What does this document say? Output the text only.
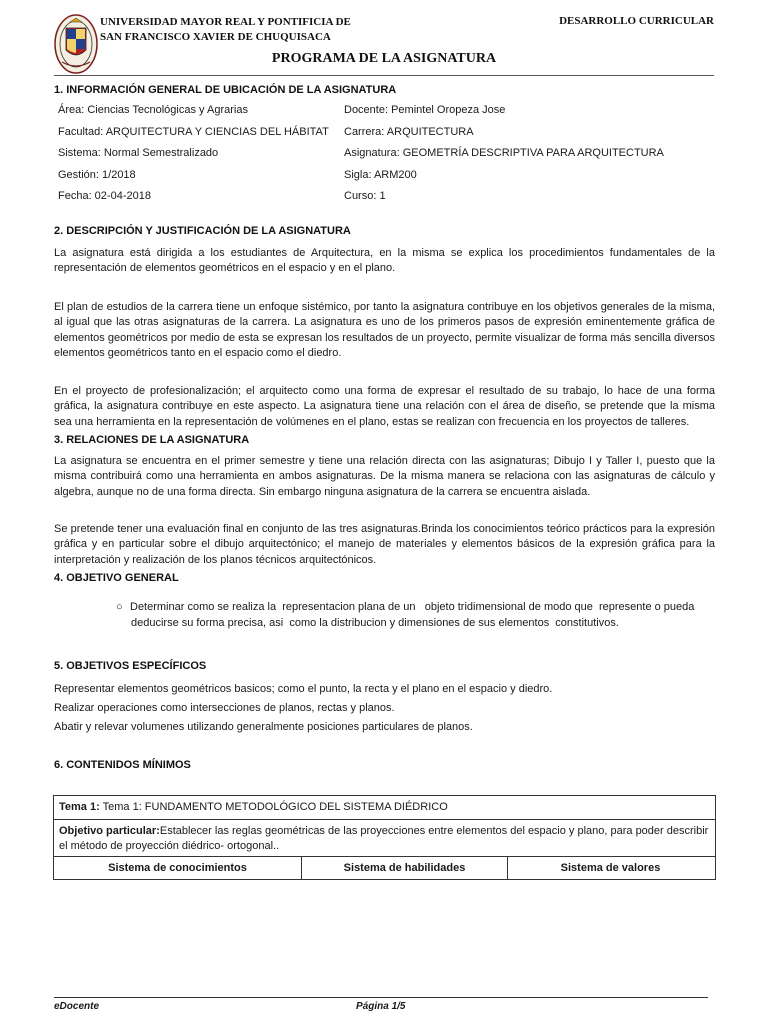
UNIVERSIDAD MAYOR REAL Y PONTIFICIA DE
SAN FRANCISCO XAVIER DE CHUQUISACA
DESARROLLO CURRICULAR
PROGRAMA DE LA ASIGNATURA
1. INFORMACIÓN GENERAL DE UBICACIÓN DE LA ASIGNATURA
Área: Ciencias Tecnológicas y Agrarias	Docente: Pemintel Oropeza Jose
Facultad: ARQUITECTURA Y CIENCIAS DEL HÁBITAT Carrera: ARQUITECTURA
Sistema: Normal Semestralizado	Asignatura: GEOMETRÍA DESCRIPTIVA PARA ARQUITECTURA
Gestión: 1/2018	Sigla: ARM200
Fecha: 02-04-2018	Curso: 1
2. DESCRIPCIÓN Y JUSTIFICACIÓN DE LA ASIGNATURA
La asignatura está dirigida a los estudiantes de Arquitectura, en la misma se explica los procedimientos fundamentales de la representación de elementos geométricos en el espacio y en el plano.
El plan de estudios de la carrera tiene un enfoque sistémico, por tanto la asignatura contribuye en los objetivos generales de la misma, al igual que las otras asignaturas de la carrera. La asignatura es uno de los primeros pasos de expresión eminentemente gráfica de elementos geométricos por medio de esta se expresan los resultados de un proyecto, permite visualizar de forma más sencilla diversos elementos geométricos tanto en el espacio como el diedro.
En el proyecto de profesionalización; el arquitecto como una forma de expresar el resultado de su trabajo, lo hace de una forma gráfica, la asignatura contribuye en este aspecto. La asignatura tiene una relación con el área de diseño, se pretende que la misma sea una herramienta en la representación de volúmenes en el plano, estas se realizan con frecuencia en los proyectos de talleres.
3. RELACIONES DE LA ASIGNATURA
La asignatura se encuentra en el primer semestre y tiene una relación directa con las asignaturas; Dibujo I y Taller I, puesto que la misma contribuirá como una herramienta en ambos asignaturas. De la misma manera se relaciona con las asignaturas de cálculo y algebra, aunque no de una forma directa. Sin embargo ninguna asignatura de la carrera se encuentra aislada.
Se pretende tener una evaluación final en conjunto de las tres asignaturas.Brinda los conocimientos teórico prácticos para la expresión gráfica y en particular sobre el dibujo arquitectónico; el manejo de materiales y elementos básicos de la expresión gráfica para la interpretación y realización de los planos técnicos arquitectónicos.
4. OBJETIVO GENERAL
○ Determinar como se realiza la  representacion plana de un   objeto tridimensional de modo que  represente o pueda
deducirse su forma precisa, asi  como la distribucion y dimensiones de sus elementos  constitutivos.
5. OBJETIVOS ESPECÍFICOS
Representar elementos geométricos basicos; como el punto, la recta y el plano en el espacio y diedro.
Realizar operaciones como intersecciones de planos, rectas y planos.
Abatir y relevar volumenes utilizando generalmente posiciones particulares de planos.
6. CONTENIDOS MÍNIMOS
Tema 1: Tema 1: FUNDAMENTO METODOLÓGICO DEL SISTEMA DIÉDRICO
Objetivo particular:Establecer las reglas geométricas de las proyecciones entre elementos del espacio y plano, para poder describir el método de proyección diédrico- ortogonal..
Sistema de conocimientos	Sistema de habilidades	Sistema de valores
eDocente	Página 1/5
